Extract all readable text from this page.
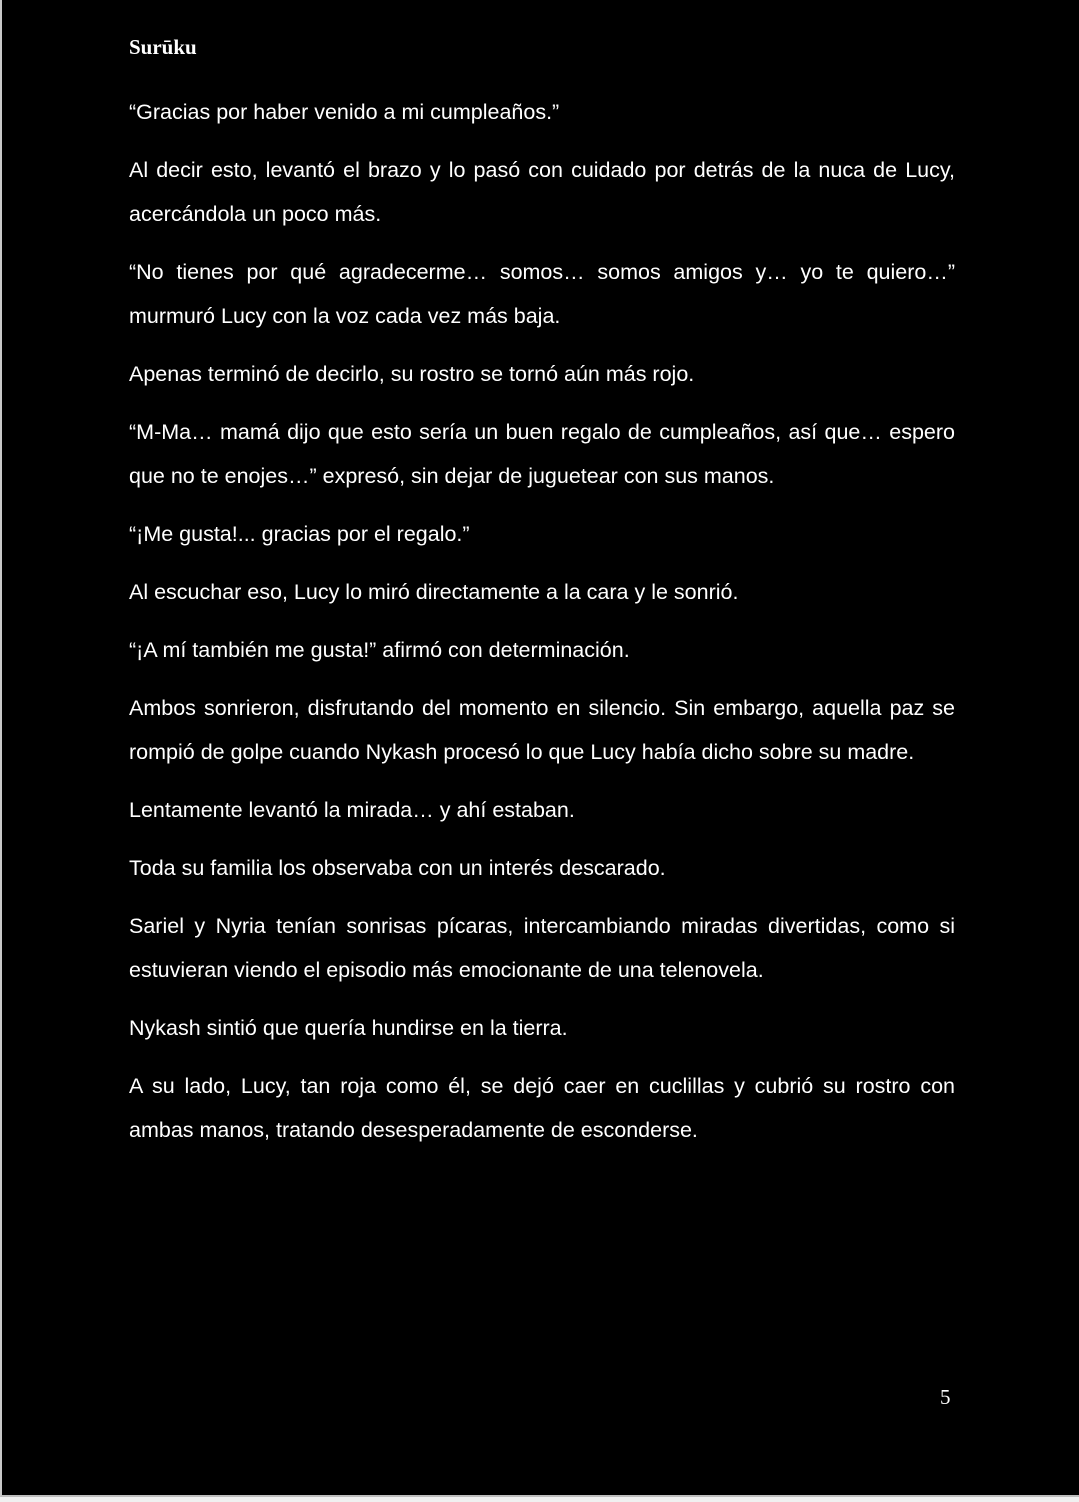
Surūku

“Gracias por haber venido a mi cumpleaños.”

Al decir esto, levantó el brazo y lo pasó con cuidado por detrás de la nuca de Lucy, acercándola un poco más.

“No tienes por qué agradecerme… somos… somos amigos y… yo te quiero…” murmuró Lucy con la voz cada vez más baja.

Apenas terminó de decirlo, su rostro se tornó aún más rojo.

“M-Ma… mamá dijo que esto sería un buen regalo de cumpleaños, así que… espero que no te enojes…” expresó, sin dejar de juguetear con sus manos.

“¡Me gusta!... gracias por el regalo.”

Al escuchar eso, Lucy lo miró directamente a la cara y le sonrió.

“¡A mí también me gusta!” afirmó con determinación.

Ambos sonrieron, disfrutando del momento en silencio. Sin embargo, aquella paz se rompió de golpe cuando Nykash procesó lo que Lucy había dicho sobre su madre.

Lentamente levantó la mirada… y ahí estaban.

Toda su familia los observaba con un interés descarado.

Sariel y Nyria tenían sonrisas pícaras, intercambiando miradas divertidas, como si estuvieran viendo el episodio más emocionante de una telenovela.

Nykash sintió que quería hundirse en la tierra.

A su lado, Lucy, tan roja como él, se dejó caer en cuclillas y cubrió su rostro con ambas manos, tratando desesperadamente de esconderse.

5
